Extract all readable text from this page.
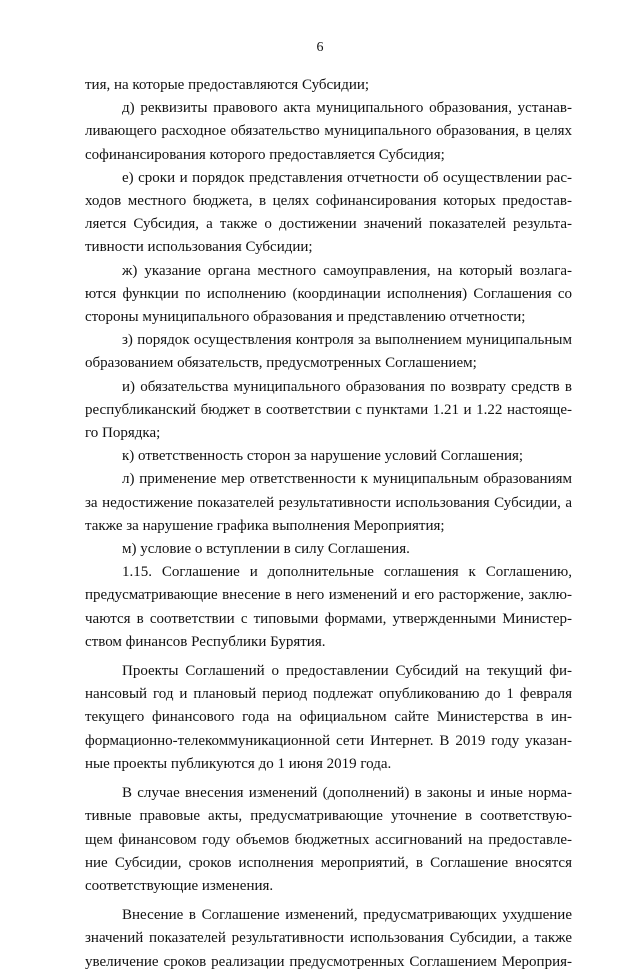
6

тия, на которые предоставляются Субсидии;

д) реквизиты правового акта муниципального образования, устанав-

ливающего расходное обязательство муниципального образования, в целях

софинансирования которого предоставляется Субсидия;

е) сроки и порядок представления отчетности об осуществлении рас-

ходов местного бюджета, в целях софинансирования которых предостав-

ляется Субсидия, а также о достижении значений показателей результа-

тивности использования Субсидии;

ж) указание органа местного самоуправления, на который возлага-

ются функции по исполнению (координации исполнения) Соглашения со

стороны муниципального образования и представлению отчетности;

з) порядок осуществления контроля за выполнением муниципальным

образованием обязательств, предусмотренных Соглашением;

и) обязательства муниципального образования по возврату средств в

республиканский бюджет в соответствии с пунктами 1.21 и 1.22 настояще-

го Порядка;

к) ответственность сторон за нарушение условий Соглашения;

л) применение мер ответственности к муниципальным образованиям

за недостижение показателей результативности использования Субсидии, а

также за нарушение графика выполнения Мероприятия;

м) условие о вступлении в силу Соглашения.

1.15. Соглашение и дополнительные соглашения к Соглашению,

предусматривающие внесение в него изменений и его расторжение, заклю-

чаются в соответствии с типовыми формами, утвержденными Министер-

ством финансов Республики Бурятия.

Проекты Соглашений о предоставлении Субсидий на текущий фи-

нансовый год и плановый период подлежат опубликованию до 1 февраля

текущего финансового года на официальном сайте Министерства в ин-

формационно-телекоммуникационной сети Интернет. В 2019 году указан-

ные проекты публикуются до 1 июня 2019 года.

В случае внесения изменений (дополнений) в законы и иные норма-

тивные правовые акты, предусматривающие уточнение в соответствую-

щем финансовом году объемов бюджетных ассигнований на предоставле-

ние Субсидии, сроков исполнения мероприятий, в Соглашение вносятся

соответствующие изменения.

Внесение в Соглашение изменений, предусматривающих ухудшение

значений показателей результативности использования Субсидии, а также

увеличение сроков реализации предусмотренных Соглашением Мероприя-
